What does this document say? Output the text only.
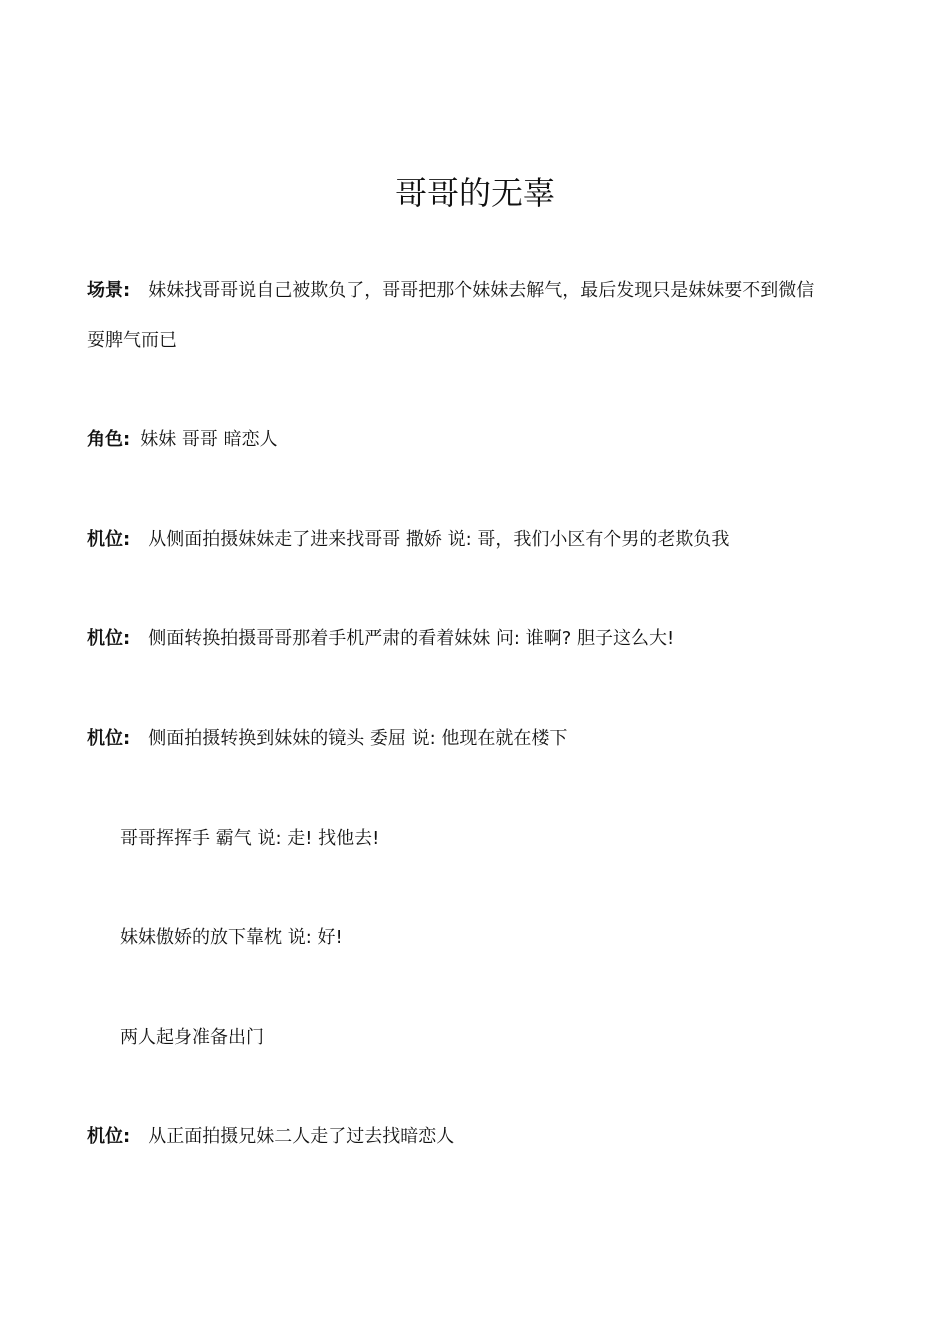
哥哥的无辜
场景: 妹妹找哥哥说自己被欺负了，哥哥把那个妹妹去解气，最后发现只是妹妹要不到微信
耍脾气而已
角色: 妹妹 哥哥 暗恋人
机位: 从侧面拍摄妹妹走了进来找哥哥 撒娇 说: 哥，我们小区有个男的老欺负我
机位: 侧面转换拍摄哥哥那着手机严肃的看着妹妹 问: 谁啊? 胆子这么大!
机位: 侧面拍摄转换到妹妹的镜头 委屈 说: 他现在就在楼下
哥哥挥挥手 霸气 说: 走! 找他去!
妹妹傲娇的放下靠枕 说: 好!
两人起身准备出门
机位: 从正面拍摄兄妹二人走了过去找暗恋人
